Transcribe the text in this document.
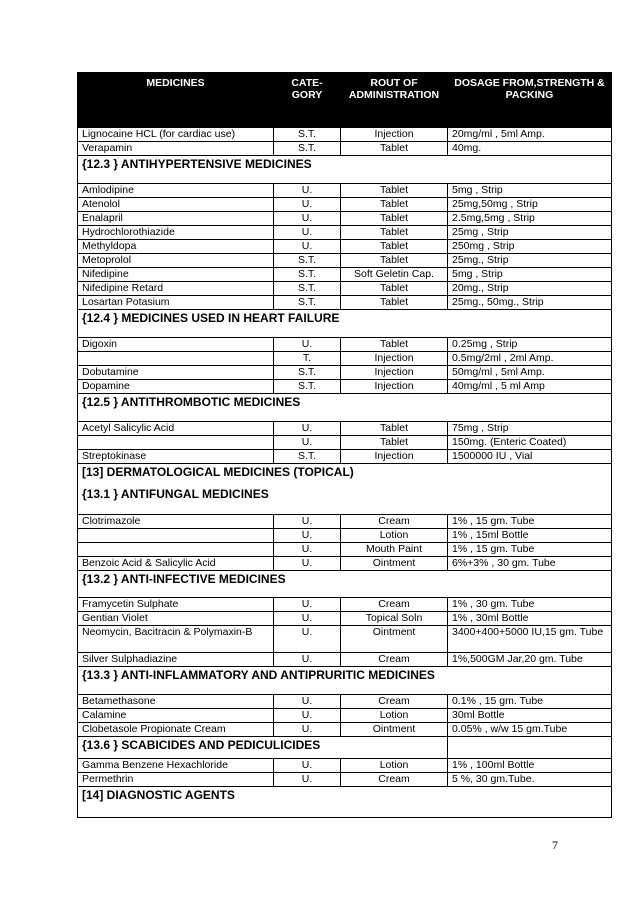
MEDICINES	CATE-GORY	ROUT OF ADMINISTRATION	DOSAGE FROM,STRENGTH & PACKING
Lignocaine HCL (for cardiac use)	S.T.	Injection	20mg/ml , 5ml Amp.
Verapamin	S.T.	Tablet	40mg.

{12.3 } ANTIHYPERTENSIVE MEDICINES			

Amlodipine	U.	Tablet	5mg , Strip
Atenolol	U.	Tablet	25mg,50mg , Strip
Enalapril	U.	Tablet	2.5mg,5mg , Strip
Hydrochlorothiazide	U.	Tablet	25mg , Strip
Methyldopa	U.	Tablet	250mg , Strip
Metoprolol	S.T.	Tablet	25mg., Strip
Nifedipine	S.T.	Soft Geletin Cap.	5mg , Strip
Nifedipine Retard	S.T.	Tablet	20mg., Strip
Losartan Potasium	S.T.	Tablet	25mg., 50mg., Strip

{12.4 } MEDICINES USED IN HEART FAILURE			

Digoxin	U.	Tablet	0.25mg , Strip
	T.	Injection	0.5mg/2ml , 2ml Amp.
Dobutamine	S.T.	Injection	50mg/ml , 5ml Amp.
Dopamine	S.T.	Injection	40mg/ml , 5 ml Amp

{12.5 } ANTITHROMBOTIC MEDICINES			

Acetyl Salicylic Acid	U.	Tablet	75mg , Strip
	U.	Tablet	150mg. (Enteric Coated)
Streptokinase	S.T.	Injection	1500000 IU , Vial

[13] DERMATOLOGICAL MEDICINES (TOPICAL)
{13.1 } ANTIFUNGAL MEDICINES			

Clotrimazole	U.	Cream	1% , 15 gm. Tube
	U.	Lotion	1% , 15ml Bottle
	U.	Mouth Paint	1% , 15 gm. Tube
Benzoic Acid & Salicylic Acid	U.	Ointment	6%+3% , 30 gm. Tube

{13.2 } ANTI-INFECTIVE MEDICINES			

Framycetin Sulphate	U.	Cream	1% , 30 gm. Tube
Gentian Violet	U.	Topical Soln	1% , 30ml Bottle
Neomycin, Bacitracin & Polymaxin-B	U.	Ointment	3400+400+5000 IU,15 gm. Tube
Silver Sulphadiazine	U.	Cream	1%,500GM Jar,20 gm. Tube

{13.3 } ANTI-INFLAMMATORY AND ANTIPRURITIC MEDICINES			

Betamethasone	U.	Cream	0.1% , 15 gm. Tube
Calamine	U.	Lotion	30ml Bottle
Clobetasole Propionate Cream	U.	Ointment	0.05% , w/w 15 gm.Tube

{13.6 } SCABICIDES AND PEDICULICIDES			

Gamma Benzene Hexachloride	U.	Lotion	1% , 100ml Bottle
Permethrin	U.	Cream	5 %, 30 gm.Tube.

[14] DIAGNOSTIC AGENTS			
7
